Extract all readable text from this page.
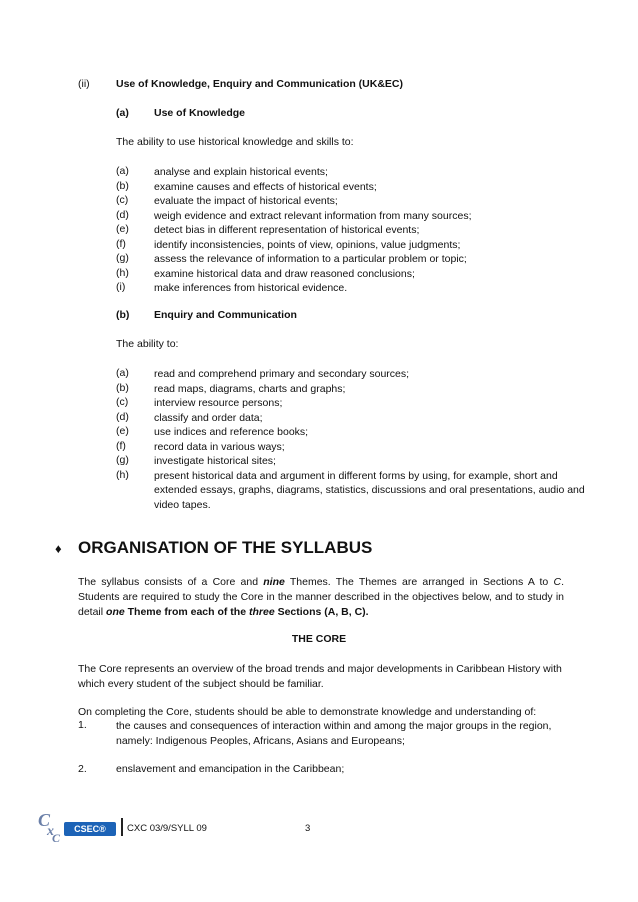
(ii)	Use of Knowledge, Enquiry and Communication (UK&EC)
(a) Use of Knowledge
The ability to use historical knowledge and skills to:
(a) analyse and explain historical events;
(b) examine causes and effects of historical events;
(c) evaluate the impact of historical events;
(d) weigh evidence and extract relevant information from many sources;
(e) detect bias in different representation of historical events;
(f)	identify inconsistencies, points of view, opinions, value judgments;
(g) assess the relevance of information to a particular problem or topic;
(h) examine historical data and draw reasoned conclusions;
(i)	make inferences from historical evidence.
(b) Enquiry and Communication
The ability to:
(a) read and comprehend primary and secondary sources;
(b) read maps, diagrams, charts and graphs;
(c) interview resource persons;
(d) classify and order data;
(e) use indices and reference books;
(f)	record data in various ways;
(g) investigate historical sites;
(h) present historical data and argument in different forms by using, for example, short and extended essays, graphs, diagrams, statistics, discussions and oral presentations, audio and video tapes.
♦ ORGANISATION OF THE SYLLABUS
The syllabus consists of a Core and nine Themes. The Themes are arranged in Sections A to C. Students are required to study the Core in the manner described in the objectives below, and to study in detail one Theme from each of the three Sections (A, B, C).
THE CORE
The Core represents an overview of the broad trends and major developments in Caribbean History with which every student of the subject should be familiar.
On completing the Core, students should be able to demonstrate knowledge and understanding of:
1.	the causes and consequences of interaction within and among the major groups in the region, namely: Indigenous Peoples, Africans, Asians and Europeans;
2.	enslavement and emancipation in the Caribbean;
C
x
C
CSEC®	CXC 03/9/SYLL 09	3
